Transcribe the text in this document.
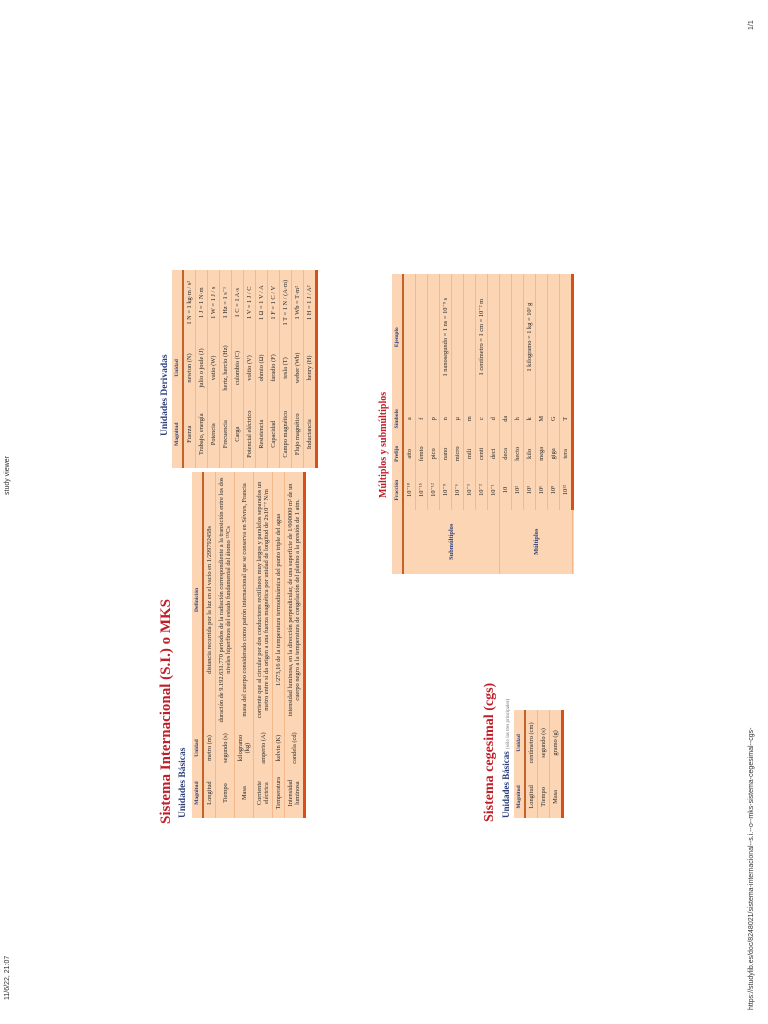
11/6/22, 21:07
study viewer
1/1
https://studylib.es/doc/8248021/sistema-internacional--s.i.--o--mks-sistema-cegesimal--cgs-
Sistema Internacional (S.I.) o MKS Unidades Básicas Magnitud	Unidad	Definición
Longitud	metro (m)	distancia recorrida por la luz en el vacío en 1/299792458s
Tiempo	segundo (s)	duración de 9.192.631.770 periodos de la radiación correspondiente a la transición entre los dos niveles hiperfinos del estado fundamental del átomo ¹³³Cs
Masa	kilogramo (kg)	masa del cuerpo considerado como patrón internacional que se conserva en Sèvres, Francia
Corriente eléctrica	amperio (A)	corriente que al circular por dos conductores rectilíneos muy largos y paralelos separados un metro entre sí da origen a una fuerza magnética por unidad de longitud de 2x10⁻⁷ N/m
Temperatura	kelvin (K)	1/273,16 de la temperatura termodinámica del punto triple del agua
Intensidad luminosa	candela (cd)	intensidad luminosa, en la dirección perpendicular, de una superficie de 1/600000 m² de un cuerpo negro a la temperatura de congelación del platino a la presión de 1 atm.
Sistema cegesimal (cgs) Unidades Básicas (sólo las tres principales)
Magnitud	Unidad
Longitud	centímetro (cm)
Tiempo	segundo (s)
Masa	gramo (g)
Unidades Derivadas Magnitud	Unidad	
Fuerza	newton (N)	1 N = 1 kg·m / s²
Trabajo, energía	julio o joule (J)	1 J = 1 N·m
Potencia	vatio (W)	1 W = 1 J / s
Frecuencia	hertz, hercio (Hz)	1 Hz = 1 s⁻¹
Carga	culombio (C)	1 C = 1 A·s
Potencial eléctrico	voltio (V)	1 V = 1 J / C
Resistencia	ohmio (Ω)	1 Ω = 1 V / A
Capacidad	faradio (F)	1 F = 1 C / V
Campo magnético	tesla (T)	1 T = 1 N / (A·m)
Flujo magnético	weber (Wb)	1 Wb = T·m²
Inductancia	henry (H)	1 H = 1 J / A²
Múltiplos y submúltiplos
	Fracción	Prefijo	Símbolo	Ejemplo
Submúltiplos	10⁻¹⁸	atto	a	
	10⁻¹⁵	femto	f	
	10⁻¹²	pico	p	
	10⁻⁹	nano	n	1 nanosegundo = 1 ns = 10⁻⁹ s
	10⁻⁶	micro	µ	
	10⁻³	mili	m	
	10⁻²	centi	c	1 centímetro = 1 cm = 10⁻² m
	10⁻¹	deci	d	
Múltiplos	10	deca	da	
	10²	hecto	h	
	10³	kilo	k	1 kilogramo = 1 kg = 10³ g
	10⁶	mega	M	
	10⁹	giga	G	
	10¹²	tera	T	
